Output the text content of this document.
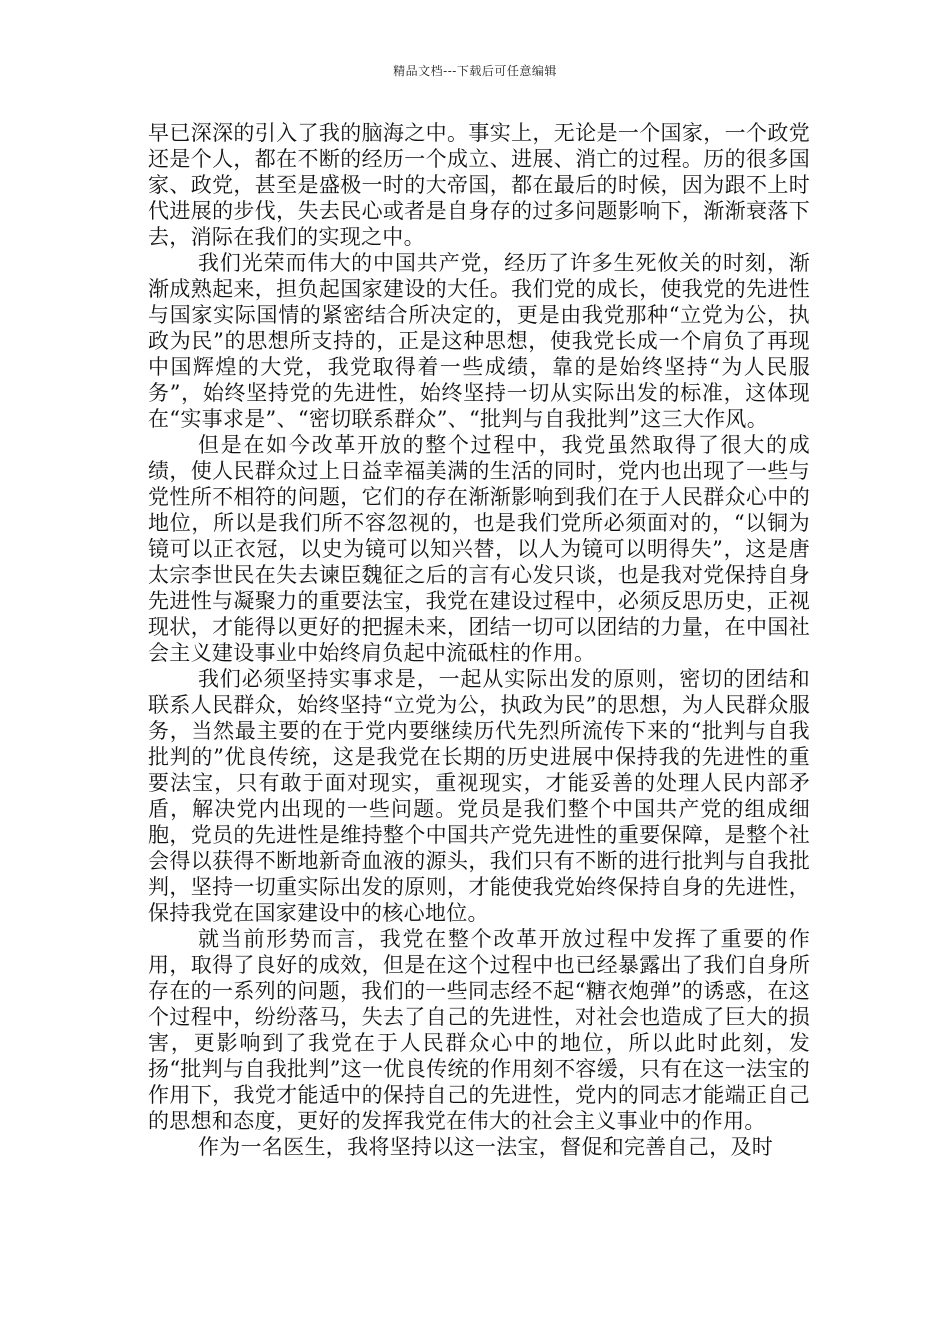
精品文档---下载后可任意编辑

早已深深的引入了我的脑海之中。事实上，无论是一个国家，一个政党还是个人，都在不断的经历一个成立、进展、消亡的过程。历的很多国家、政党，甚至是盛极一时的大帝国，都在最后的时候，因为跟不上时代进展的步伐，失去民心或者是自身存的过多问题影响下，渐渐衰落下去，消际在我们的实现之中。

我们光荣而伟大的中国共产党，经历了许多生死攸关的时刻，渐渐成熟起来，担负起国家建设的大任。我们党的成长，使我党的先进性与国家实际国情的紧密结合所决定的，更是由我党那种“立党为公，执政为民”的思想所支持的，正是这种思想，使我党长成一个肩负了再现中国辉煌的大党，我党取得着一些成绩，靠的是始终坚持“为人民服务”，始终坚持党的先进性，始终坚持一切从实际出发的标准，这体现在“实事求是”、“密切联系群众”、“批判与自我批判”这三大作风。

但是在如今改革开放的整个过程中，我党虽然取得了很大的成绩，使人民群众过上日益幸福美满的生活的同时，党内也出现了一些与党性所不相符的问题，它们的存在渐渐影响到我们在于人民群众心中的地位，所以是我们所不容忽视的，也是我们党所必须面对的，“以铜为镜可以正衣冠，以史为镜可以知兴替，以人为镜可以明得失”，这是唐太宗李世民在失去谏臣魏征之后的言有心发只谈，也是我对党保持自身先进性与凝聚力的重要法宝，我党在建设过程中，必须反思历史，正视现状，才能得以更好的把握未来，团结一切可以团结的力量，在中国社会主义建设事业中始终肩负起中流砥柱的作用。

我们必须坚持实事求是，一起从实际出发的原则，密切的团结和联系人民群众，始终坚持“立党为公，执政为民”的思想，为人民群众服务，当然最主要的在于党内要继续历代先烈所流传下来的“批判与自我批判的”优良传统，这是我党在长期的历史进展中保持我的先进性的重要法宝，只有敢于面对现实，重视现实，才能妥善的处理人民内部矛盾，解决党内出现的一些问题。党员是我们整个中国共产党的组成细胞，党员的先进性是维持整个中国共产党先进性的重要保障，是整个社会得以获得不断地新奇血液的源头，我们只有不断的进行批判与自我批判，坚持一切重实际出发的原则，才能使我党始终保持自身的先进性，保持我党在国家建设中的核心地位。

就当前形势而言，我党在整个改革开放过程中发挥了重要的作用，取得了良好的成效，但是在这个过程中也已经暴露出了我们自身所存在的一系列的问题，我们的一些同志经不起“糖衣炮弹”的诱惑，在这个过程中，纷纷落马，失去了自己的先进性，对社会也造成了巨大的损害，更影响到了我党在于人民群众心中的地位，所以此时此刻，发扬“批判与自我批判”这一优良传统的作用刻不容缓，只有在这一法宝的作用下，我党才能适中的保持自己的先进性，党内的同志才能端正自己的思想和态度，更好的发挥我党在伟大的社会主义事业中的作用。

作为一名医生，我将坚持以这一法宝，督促和完善自己，及时
